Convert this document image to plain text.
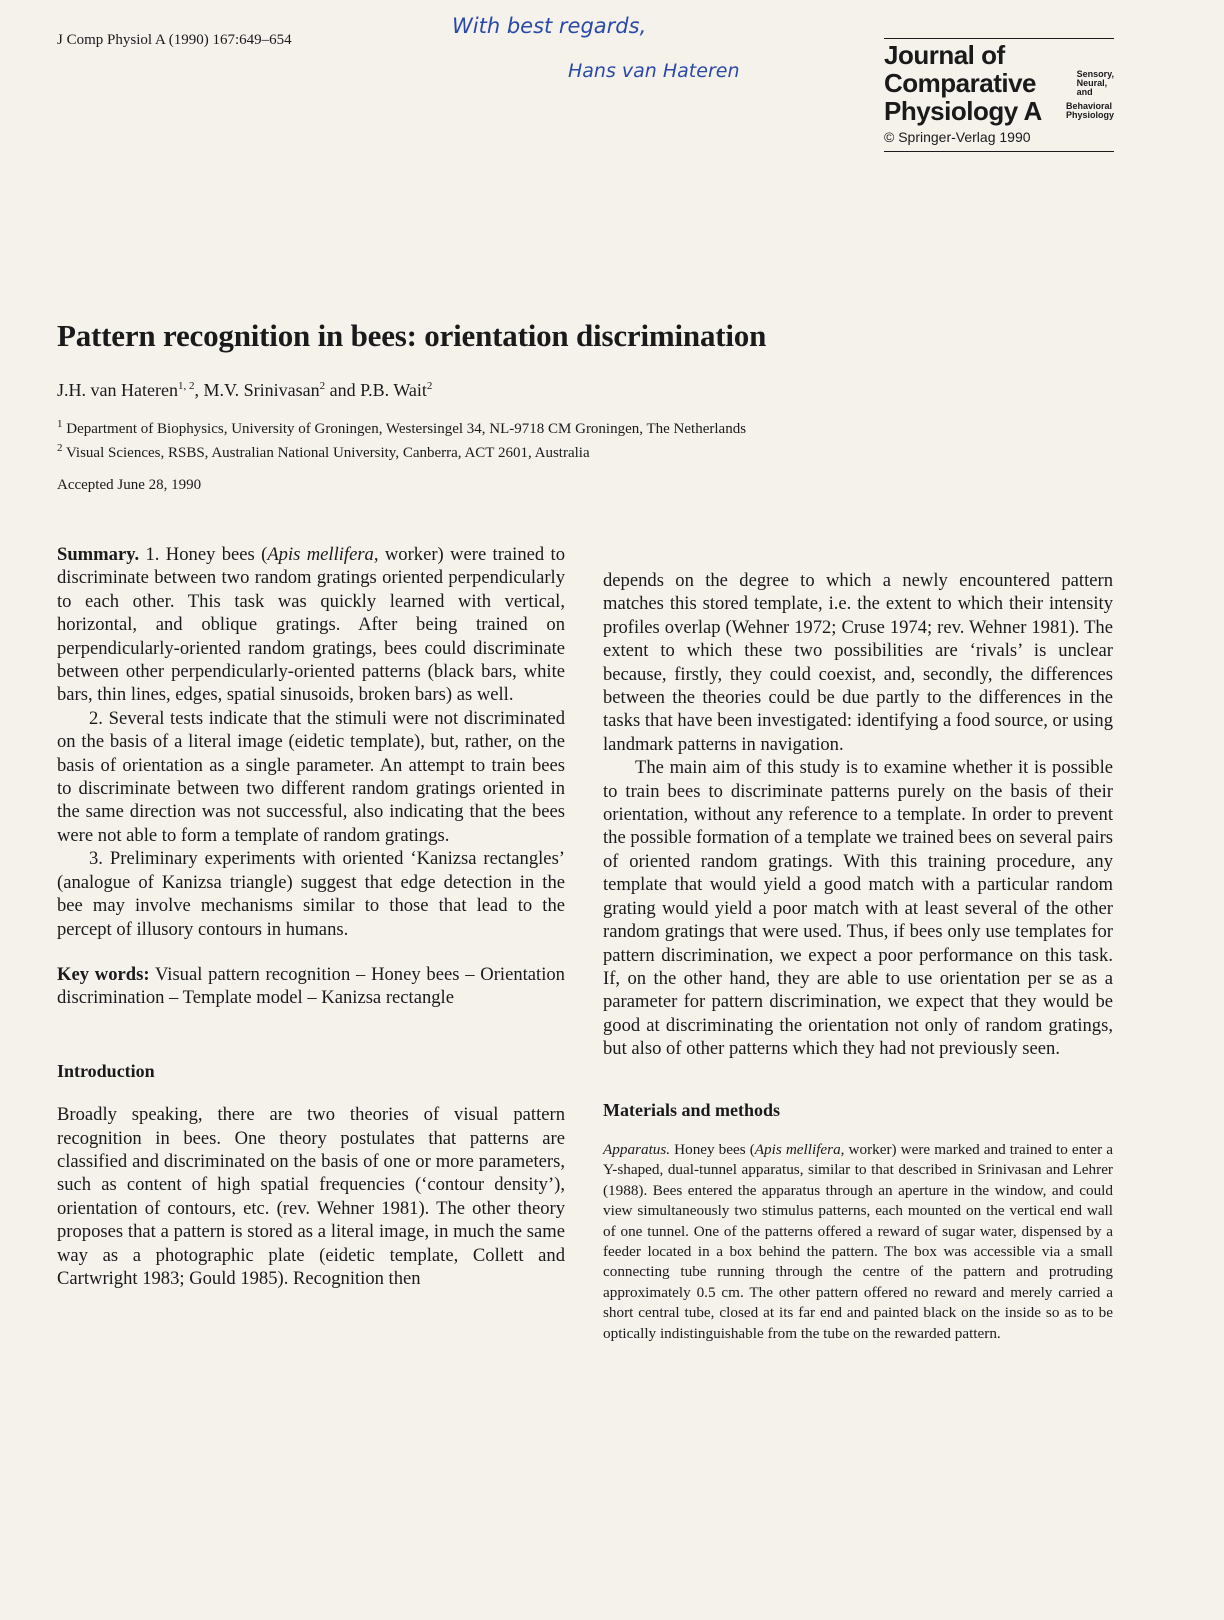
J Comp Physiol A (1990) 167:649–654
With best regards,
Hans van Hateren
Journal of
Comparative	Sensory,
Neural,
and
Physiology A	Behavioral
Physiology
© Springer-Verlag 1990
Pattern recognition in bees: orientation discrimination
J.H. van Hateren$^{1, 2}$, M.V. Srinivasan$^2$ and P.B. Wait$^2$
$^1$ Department of Biophysics, University of Groningen, Westersingel 34, NL-9718 CM Groningen, The Netherlands
$^2$ Visual Sciences, RSBS, Australian National University, Canberra, ACT 2601, Australia
Accepted June 28, 1990

Summary. 1. Honey bees (Apis mellifera, worker) were trained to discriminate between two random gratings oriented perpendicularly to each other. This task was quickly learned with vertical, horizontal, and oblique gratings. After being trained on perpendicularly-oriented random gratings, bees could discriminate between other perpendicularly-oriented patterns (black bars, white bars, thin lines, edges, spatial sinusoids, broken bars) as well.

2. Several tests indicate that the stimuli were not discriminated on the basis of a literal image (eidetic template), but, rather, on the basis of orientation as a single parameter. An attempt to train bees to discriminate between two different random gratings oriented in the same direction was not successful, also indicating that the bees were not able to form a template of random gratings.

3. Preliminary experiments with oriented ‘Kanizsa rectangles’ (analogue of Kanizsa triangle) suggest that edge detection in the bee may involve mechanisms similar to those that lead to the percept of illusory contours in humans.

Key words: Visual pattern recognition – Honey bees – Orientation discrimination – Template model – Kanizsa rectangle

Introduction

Broadly speaking, there are two theories of visual pattern recognition in bees. One theory postulates that patterns are classified and discriminated on the basis of one or more parameters, such as content of high spatial frequencies (‘contour density’), orientation of contours, etc. (rev. Wehner 1981). The other theory proposes that a pattern is stored as a literal image, in much the same way as a photographic plate (eidetic template, Collett and Cartwright 1983; Gould 1985). Recognition then

depends on the degree to which a newly encountered pattern matches this stored template, i.e. the extent to which their intensity profiles overlap (Wehner 1972; Cruse 1974; rev. Wehner 1981). The extent to which these two possibilities are ‘rivals’ is unclear because, firstly, they could coexist, and, secondly, the differences between the theories could be due partly to the differences in the tasks that have been investigated: identifying a food source, or using landmark patterns in navigation.

The main aim of this study is to examine whether it is possible to train bees to discriminate patterns purely on the basis of their orientation, without any reference to a template. In order to prevent the possible formation of a template we trained bees on several pairs of oriented random gratings. With this training procedure, any template that would yield a good match with a particular random grating would yield a poor match with at least several of the other random gratings that were used. Thus, if bees only use templates for pattern discrimination, we expect a poor performance on this task. If, on the other hand, they are able to use orientation per se as a parameter for pattern discrimination, we expect that they would be good at discriminating the orientation not only of random gratings, but also of other patterns which they had not previously seen.

Materials and methods

Apparatus. Honey bees (Apis mellifera, worker) were marked and trained to enter a Y-shaped, dual-tunnel apparatus, similar to that described in Srinivasan and Lehrer (1988). Bees entered the apparatus through an aperture in the window, and could view simultaneously two stimulus patterns, each mounted on the vertical end wall of one tunnel. One of the patterns offered a reward of sugar water, dispensed by a feeder located in a box behind the pattern. The box was accessible via a small connecting tube running through the centre of the pattern and protruding approximately 0.5 cm. The other pattern offered no reward and merely carried a short central tube, closed at its far end and painted black on the inside so as to be optically indistinguishable from the tube on the rewarded pattern.
